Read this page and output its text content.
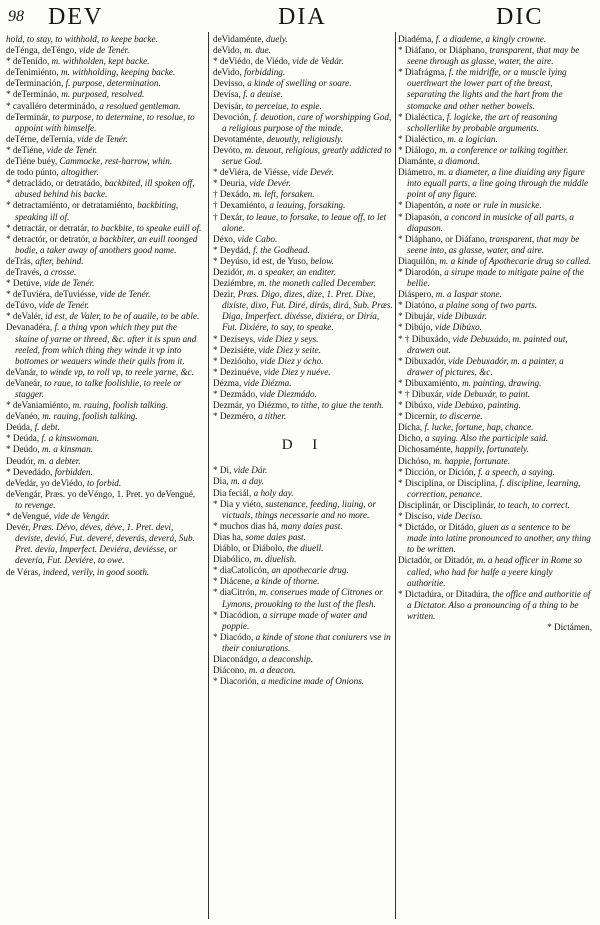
98 DEV	DIA	DIC

hold, to stay, to withhold, to keepe backe.

deTénga, deTéngo, vide de Tenér.

* deTenído, m. withholden, kept backe.

deTenimiénto, m. withholding, keeping backe.

deTerminación, f. purpose, determination.

* deTermináo, m. purposed, resolved.

* cavalléro determinádo, a resolued gentleman.

deTerminár, to purpose, to determine, to resolue, to appoint with himselfe.

deTérne, deTernía, vide de Tenér.

* deTiéne, vide de Tenér.

deTiéne buéy, Cammocke, rest-harrow, whin.

de todo púnto, altogither.

* detracládo, or detratádo, backbited, ill spoken off, abused behind his backe.

* detractamiénto, or detratamiénto, backbiting, speaking ill of.

* detractár, or detratár, to backbite, to speake euill of.

* detractór, or detratór, a backbiter, an euill toonged bodie, a taker away of anothers good name.

deTrás, after, behind.

deTravés, a crosse.

* Detúve, vide de Tenér.

* deTuviéra, deTuviésse, vide de Tenér.

deTúvo, vide de Tenér.

* deValér, id est, de Valer, to be of auaile, to be able.

Devanadéra, f. a thing vpon which they put the skaine of yarne or threed, &c. after it is spun and reeled, from which thing they winde it vp into bottomes or weauers winde their quils from it.

deVanár, to winde vp, to roll vp, to reele yarne, &c.

deVaneár, to raue, to talke foolishlie, to reele or stagger.

* deVaniamiénto, m. rauing, foolish talking.

deVanéo, m. rauing, foolish talking.

Deúda, f. debt.

* Deúda, f. a kinswoman.

* Deúdo, m. a kinsman.

Deudór, m. a debter.

* Devedádo, forbidden.

deVedár, yo deViédo, to forbid.

deVengár, Præs. yo deVéngo, 1. Pret. yo deVengué, to revenge.

* deVengué, vide de Vengár.

Devér, Præs. Dévo, déves, déve, 1. Pret. devi, devíste, devió, Fut. deveré, deverás, deverá, Sub. Pret. devía, Imperfect. Deviéra, deviésse, or devería, Fut. Deviére, to owe.

de Véras, indeed, verily, in good sooth.

deVidaménte, duely.

deVido, m. due.

* deViédo, de Viédo, vide de Vedár.

deVido, forbidding.

Devisso, a kinde of swelling or soare.

Devísa, f. a deuise.

Devisár, to perceiue, to espie.

Devoción, f. deuotion, care of worshipping God, a religious purpose of the minde.

Devotaménte, deuoutly, religiously.

Devóto, m. deuout, religious, greatly addicted to serue God.

* deViéra, de Viésse, vide Devér.

* Deuria, vide Devér.

† Dexádo, m. left, forsaken.

† Dexamiénto, a leauing, forsaking.

† Dexár, to leaue, to forsake, to leaue off, to let alone.

Déxo, vide Cabo.

* Deydád, f. the Godhead.

* Deyúso, id est, de Yuso, below.

Dezidór, m. a speaker, an enditer.

Deziémbre, m. the moneth called December.

Dezir, Præs. Digo, dizes, dize, 1. Pret. Dixe, dixíste, dixo, Fut. Diré, dirás, dirá, Sub. Præs. Diga, Imperfect. dixésse, dixiéra, or Diría, Fut. Dixiére, to say, to speake.

* Dezíseys, vide Diez y seys.

* Dezisiéte, vide Diez y seite.

* Dezióoho, vide Diez y ócho.

* Dezinuéve, vide Diez y nuéve.

Dézma, vide Diézma.

* Dezmádo, vide Diezmádo.

Dezmár, yo Diézmo, to tithe, to giue the tenth.

* Dezméro, a tither.

D I

* Di, vide Dár.

Dia, m. a day.

Dia feciál, a holy day.

* Dia y viéto, sustenance, feeding, liuing, or victuals, things necessarie and no more.

* muchos dias há, many daies past.

Dias ha, some daies past.

Diáblo, or Diábolo, the diuell.

Diabólico, m. diuelish.

* diaCatolicón, an apothecarie drug.

* Diácene, a kinde of thorne.

* diaCitrón, m. conserues made of Citrones or Lymons, prouoking to the lust of the flesh.

* Diacódion, a sirrupe made of water and poppie.

* Diacódo, a kinde of stone that coniurers vse in their coniurations.

Diaconádgo, a deaconship.

Diácono, m. a deacon.

* Diacorión, a medicine made of Onions.

Diadéma, f. a diademe, a kingly crowne.

* Diáfano, or Diáphano, transparent, that may be seene through as glasse, water, the aire.

* Diafrágma, f. the midriffe, or a muscle lying ouerthwart the lower part of the breast, separating the lights and the hart from the stomacke and other nether bowels.

* Dialéctica, f. logicke, the art of reasoning schollerlike by probable arguments.

* Dialéctico, m. a logician.

* Diálogo, m. a conference or talking togither.

Diamánte, a diamond.

Diámetro, m. a diameter, a line diuiding any figure into equall parts, a line going through the middle point of any figure.

* Diapentón, a note or rule in musicke.

* Diapasón, a concord in musicke of all parts, a diapason.

* Diáphano, or Diáfano, transparent, that may be seene into, as glasse, water, and aire.

Diaquilón, m. a kinde of Apothecarie drug so called.

* Diarodón, a sirupe made to mitigate paine of the bellie.

Diáspero, m. a Iaspar stone.

* Diatóno, a plaine song of two parts.

* Dibujár, vide Dibuxár.

* Dibújo, vide Dibúxo.

* † Dibuxádo, vide Debuxádo, m. painted out, drawen out.

* Dibuxadór, vide Debuxadór, m. a painter, a drawer of pictures, &c.

* Dibuxamiénto, m. painting, drawing.

* † Dibuxár, vide Debuxár, to paint.

* Dibúxo, vide Debúxo, painting.

* Dicernír, to discerne.

Dícha, f. lucke, fortune, hap, chance.

Dicho, a saying. Also the participle said.

Dichosaménte, happily, fortunately.

Dichóso, m. happie, fortunate.

* Dicción, or Dición, f. a speech, a saying.

* Disciplína, or Discíplina, f. discipline, learning, correction, penance.

Disciplinár, or Disciplinár, to teach, to correct.

* Discíso, vide Decíso.

* Dictádo, or Ditádo, giuen as a sentence to be made into latine pronounced to another, any thing to be written.

Dictadór, or Ditadór, m. a head officer in Rome so called, who had for halfe a yeere kingly authoritie.

* Dictadúra, or Ditadúra, the office and authoritie of a Dictator. Also a pronouncing of a thing to be written.

* Dictámen,
